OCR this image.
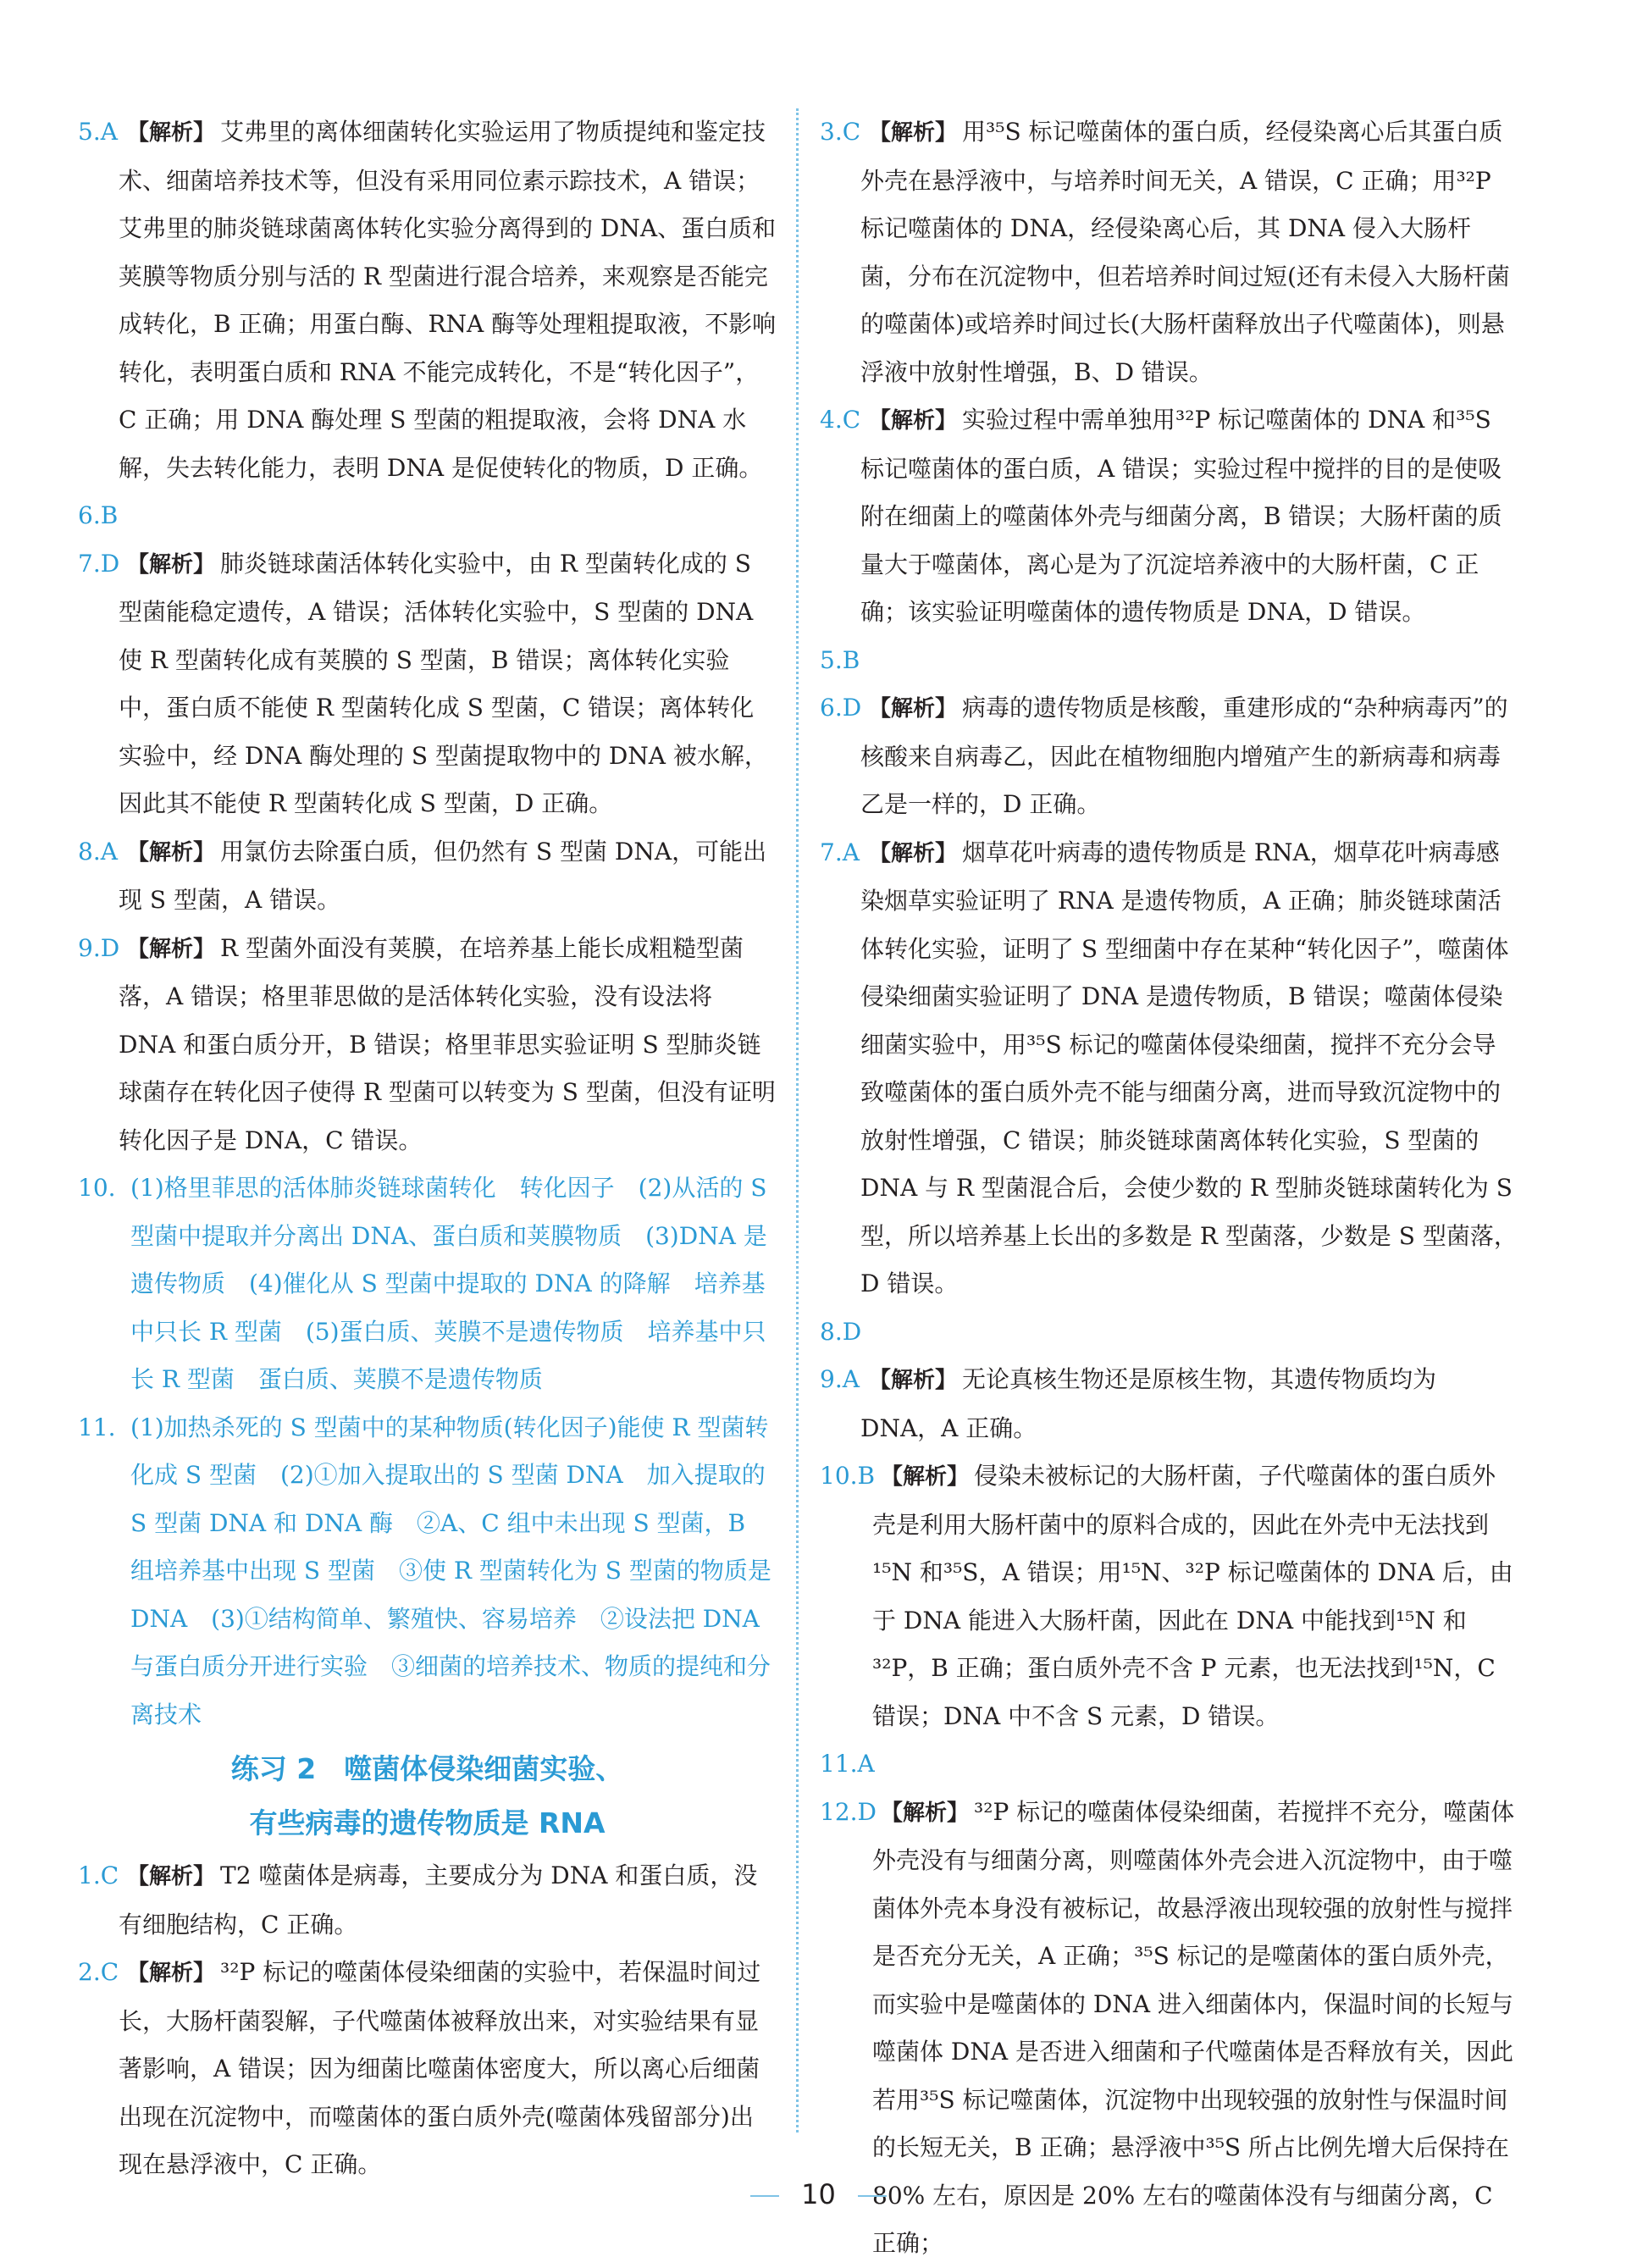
5.A 【解析】 艾弗里的离体细菌转化实验运用了物质提纯和鉴定技术、细菌培养技术等，但没有采用同位素示踪技术，A 错误；艾弗里的肺炎链球菌离体转化实验分离得到的 DNA、蛋白质和荚膜等物质分别与活的 R 型菌进行混合培养，来观察是否能完成转化，B 正确；用蛋白酶、RNA 酶等处理粗提取液，不影响转化，表明蛋白质和 RNA 不能完成转化，不是“转化因子”，C 正确；用 DNA 酶处理 S 型菌的粗提取液，会将 DNA 水解，失去转化能力，表明 DNA 是促使转化的物质，D 正确。

6.B

7.D 【解析】 肺炎链球菌活体转化实验中，由 R 型菌转化成的 S 型菌能稳定遗传，A 错误；活体转化实验中，S 型菌的 DNA 使 R 型菌转化成有荚膜的 S 型菌，B 错误；离体转化实验中，蛋白质不能使 R 型菌转化成 S 型菌，C 错误；离体转化实验中，经 DNA 酶处理的 S 型菌提取物中的 DNA 被水解，因此其不能使 R 型菌转化成 S 型菌，D 正确。

8.A 【解析】 用氯仿去除蛋白质，但仍然有 S 型菌 DNA，可能出现 S 型菌，A 错误。

9.D 【解析】 R 型菌外面没有荚膜，在培养基上能长成粗糙型菌落，A 错误；格里菲思做的是活体转化实验，没有设法将 DNA 和蛋白质分开，B 错误；格里菲思实验证明 S 型肺炎链球菌存在转化因子使得 R 型菌可以转变为 S 型菌，但没有证明转化因子是 DNA，C 错误。

10. (1)格里菲思的活体肺炎链球菌转化　转化因子　(2)从活的 S 型菌中提取并分离出 DNA、蛋白质和荚膜物质　(3)DNA 是遗传物质　(4)催化从 S 型菌中提取的 DNA 的降解　培养基中只长 R 型菌　(5)蛋白质、荚膜不是遗传物质　培养基中只长 R 型菌　蛋白质、荚膜不是遗传物质

11. (1)加热杀死的 S 型菌中的某种物质(转化因子)能使 R 型菌转化成 S 型菌　(2)①加入提取出的 S 型菌 DNA　加入提取的 S 型菌 DNA 和 DNA 酶　②A、C 组中未出现 S 型菌，B 组培养基中出现 S 型菌　③使 R 型菌转化为 S 型菌的物质是 DNA　(3)①结构简单、繁殖快、容易培养　②设法把 DNA 与蛋白质分开进行实验　③细菌的培养技术、物质的提纯和分离技术

练习 2　噬菌体侵染细菌实验、
有些病毒的遗传物质是 RNA

1.C 【解析】 T2 噬菌体是病毒，主要成分为 DNA 和蛋白质，没有细胞结构，C 正确。

2.C 【解析】 ³²P 标记的噬菌体侵染细菌的实验中，若保温时间过长，大肠杆菌裂解，子代噬菌体被释放出来，对实验结果有显著影响，A 错误；因为细菌比噬菌体密度大，所以离心后细菌出现在沉淀物中，而噬菌体的蛋白质外壳(噬菌体残留部分)出现在悬浮液中，C 正确。

3.C 【解析】 用³⁵S 标记噬菌体的蛋白质，经侵染离心后其蛋白质外壳在悬浮液中，与培养时间无关，A 错误，C 正确；用³²P 标记噬菌体的 DNA，经侵染离心后，其 DNA 侵入大肠杆菌，分布在沉淀物中，但若培养时间过短(还有未侵入大肠杆菌的噬菌体)或培养时间过长(大肠杆菌释放出子代噬菌体)，则悬浮液中放射性增强，B、D 错误。

4.C 【解析】 实验过程中需单独用³²P 标记噬菌体的 DNA 和³⁵S 标记噬菌体的蛋白质，A 错误；实验过程中搅拌的目的是使吸附在细菌上的噬菌体外壳与细菌分离，B 错误；大肠杆菌的质量大于噬菌体，离心是为了沉淀培养液中的大肠杆菌，C 正确；该实验证明噬菌体的遗传物质是 DNA，D 错误。

5.B

6.D 【解析】 病毒的遗传物质是核酸，重建形成的“杂种病毒丙”的核酸来自病毒乙，因此在植物细胞内增殖产生的新病毒和病毒乙是一样的，D 正确。

7.A 【解析】 烟草花叶病毒的遗传物质是 RNA，烟草花叶病毒感染烟草实验证明了 RNA 是遗传物质，A 正确；肺炎链球菌活体转化实验，证明了 S 型细菌中存在某种“转化因子”，噬菌体侵染细菌实验证明了 DNA 是遗传物质，B 错误；噬菌体侵染细菌实验中，用³⁵S 标记的噬菌体侵染细菌，搅拌不充分会导致噬菌体的蛋白质外壳不能与细菌分离，进而导致沉淀物中的放射性增强，C 错误；肺炎链球菌离体转化实验，S 型菌的 DNA 与 R 型菌混合后，会使少数的 R 型肺炎链球菌转化为 S 型，所以培养基上长出的多数是 R 型菌落，少数是 S 型菌落，D 错误。

8.D

9.A 【解析】 无论真核生物还是原核生物，其遗传物质均为 DNA，A 正确。

10.B 【解析】 侵染未被标记的大肠杆菌，子代噬菌体的蛋白质外壳是利用大肠杆菌中的原料合成的，因此在外壳中无法找到¹⁵N 和³⁵S，A 错误；用¹⁵N、³²P 标记噬菌体的 DNA 后，由于 DNA 能进入大肠杆菌，因此在 DNA 中能找到¹⁵N 和³²P，B 正确；蛋白质外壳不含 P 元素，也无法找到¹⁵N，C 错误；DNA 中不含 S 元素，D 错误。

11.A

12.D 【解析】 ³²P 标记的噬菌体侵染细菌，若搅拌不充分，噬菌体外壳没有与细菌分离，则噬菌体外壳会进入沉淀物中，由于噬菌体外壳本身没有被标记，故悬浮液出现较强的放射性与搅拌是否充分无关，A 正确；³⁵S 标记的是噬菌体的蛋白质外壳，而实验中是噬菌体的 DNA 进入细菌体内，保温时间的长短与噬菌体 DNA 是否进入细菌和子代噬菌体是否释放有关，因此若用³⁵S 标记噬菌体，沉淀物中出现较强的放射性与保温时间的长短无关，B 正确；悬浮液中³⁵S 所占比例先增大后保持在 80% 左右，原因是 20% 左右的噬菌体没有与细菌分离，C 正确；

10
